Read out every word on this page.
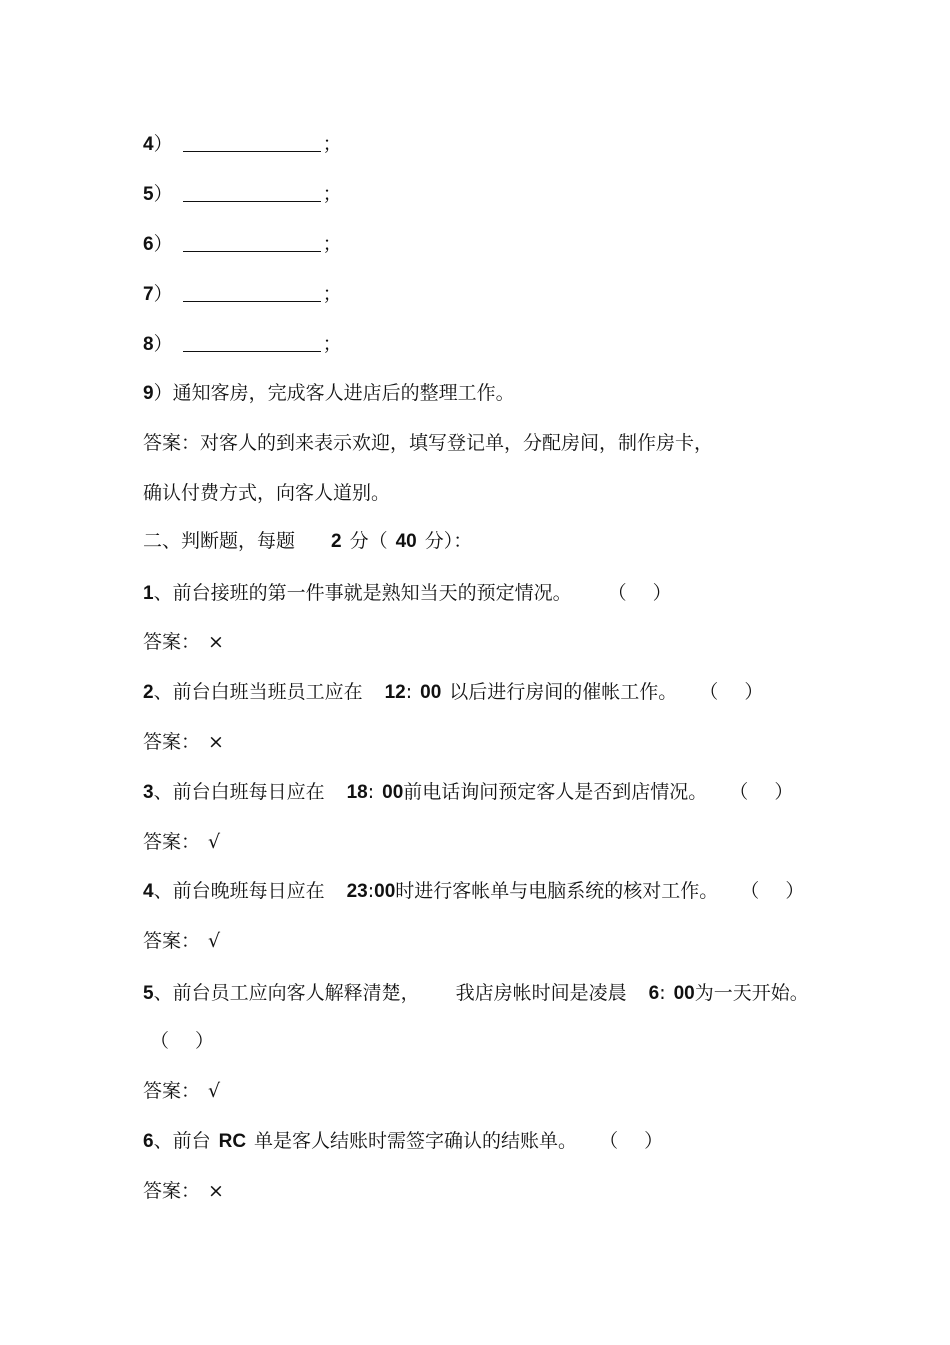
4）	；
5）	；
6）	；
7）	；
8）	；
9）通知客房，完成客人进店后的整理工作。
答案：对客人的到来表示欢迎，填写登记单，分配房间，制作房卡，
确认付费方式，向客人道别。
二、判断题，每题 2 分（ 40 分）：
1、前台接班的第一件事就是熟知当天的预定情况。 （ ）
答案： ×
2、前台白班当班员工应在 12: 00 以后进行房间的催帐工作。 （ ）
答案： ×
3、前台白班每日应在 18: 00前电话询问预定客人是否到店情况。 （ ）
答案： √
4、前台晚班每日应在 23:00时进行客帐单与电脑系统的核对工作。 （ ）
答案： √
5、前台员工应向客人解释清楚， 我店房帐时间是凌晨 6: 00为一天开始。
（ ）
答案： √
6、前台 RC 单是客人结账时需签字确认的结账单。 （ ）
答案： ×
